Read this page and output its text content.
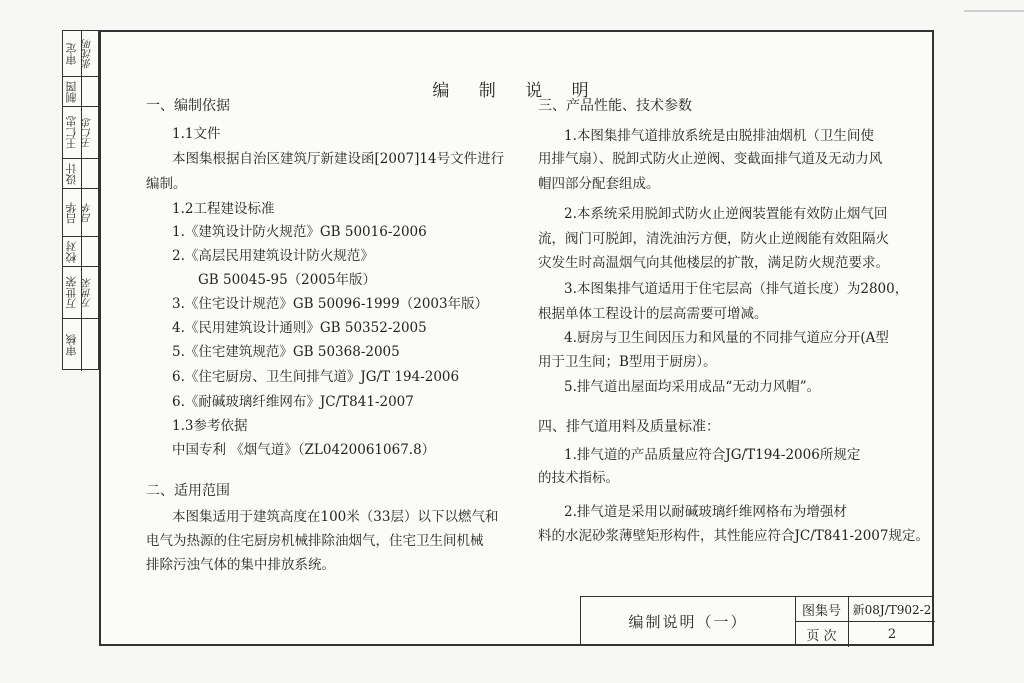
审定 张沈明
制图
王仁忠 王仁忠
设计
吕华 吕华
校对
万世荣 万世荣
审核
编 制 说 明
一、编制依据
1.1文件
本图集根据自治区建筑厅新建设函[2007]14号文件进行
编制。
1.2工程建设标准
1.《建筑设计防火规范》GB 50016-2006
2.《高层民用建筑设计防火规范》
GB 50045-95（2005年版）
3.《住宅设计规范》GB 50096-1999（2003年版）
4.《民用建筑设计通则》GB 50352-2005
5.《住宅建筑规范》GB 50368-2005
6.《住宅厨房、卫生间排气道》JG/T 194-2006
6.《耐碱玻璃纤维网布》JC/T841-2007
1.3参考依据
中国专利 《烟气道》（ZL0420061067.8）
二、适用范围
本图集适用于建筑高度在100米（33层）以下以燃气和
电气为热源的住宅厨房机械排除油烟气，住宅卫生间机械
排除污浊气体的集中排放系统。
三、产品性能、技术参数
1.本图集排气道排放系统是由脱排油烟机（卫生间使
用排气扇）、脱卸式防火止逆阀、变截面排气道及无动力风
帽四部分配套组成。
2.本系统采用脱卸式防火止逆阀装置能有效防止烟气回
流，阀门可脱卸，清洗油污方便，防火止逆阀能有效阻隔火
灾发生时高温烟气向其他楼层的扩散，满足防火规范要求。
3.本图集排气道适用于住宅层高（排气道长度）为2800，
根据单体工程设计的层高需要可增减。
4.厨房与卫生间因压力和风量的不同排气道应分开(A型
用于卫生间；B型用于厨房）。
5.排气道出屋面均采用成品“无动力风帽”。
四、排气道用料及质量标准：
1.排气道的产品质量应符合JG/T194-2006所规定
的技术指标。
2.排气道是采用以耐碱玻璃纤维网格布为增强材
料的水泥砂浆薄壁矩形构件，其性能应符合JC/T841-2007规定。
编制说明（一）
图集号 新08J/T902-2
页 次	2
